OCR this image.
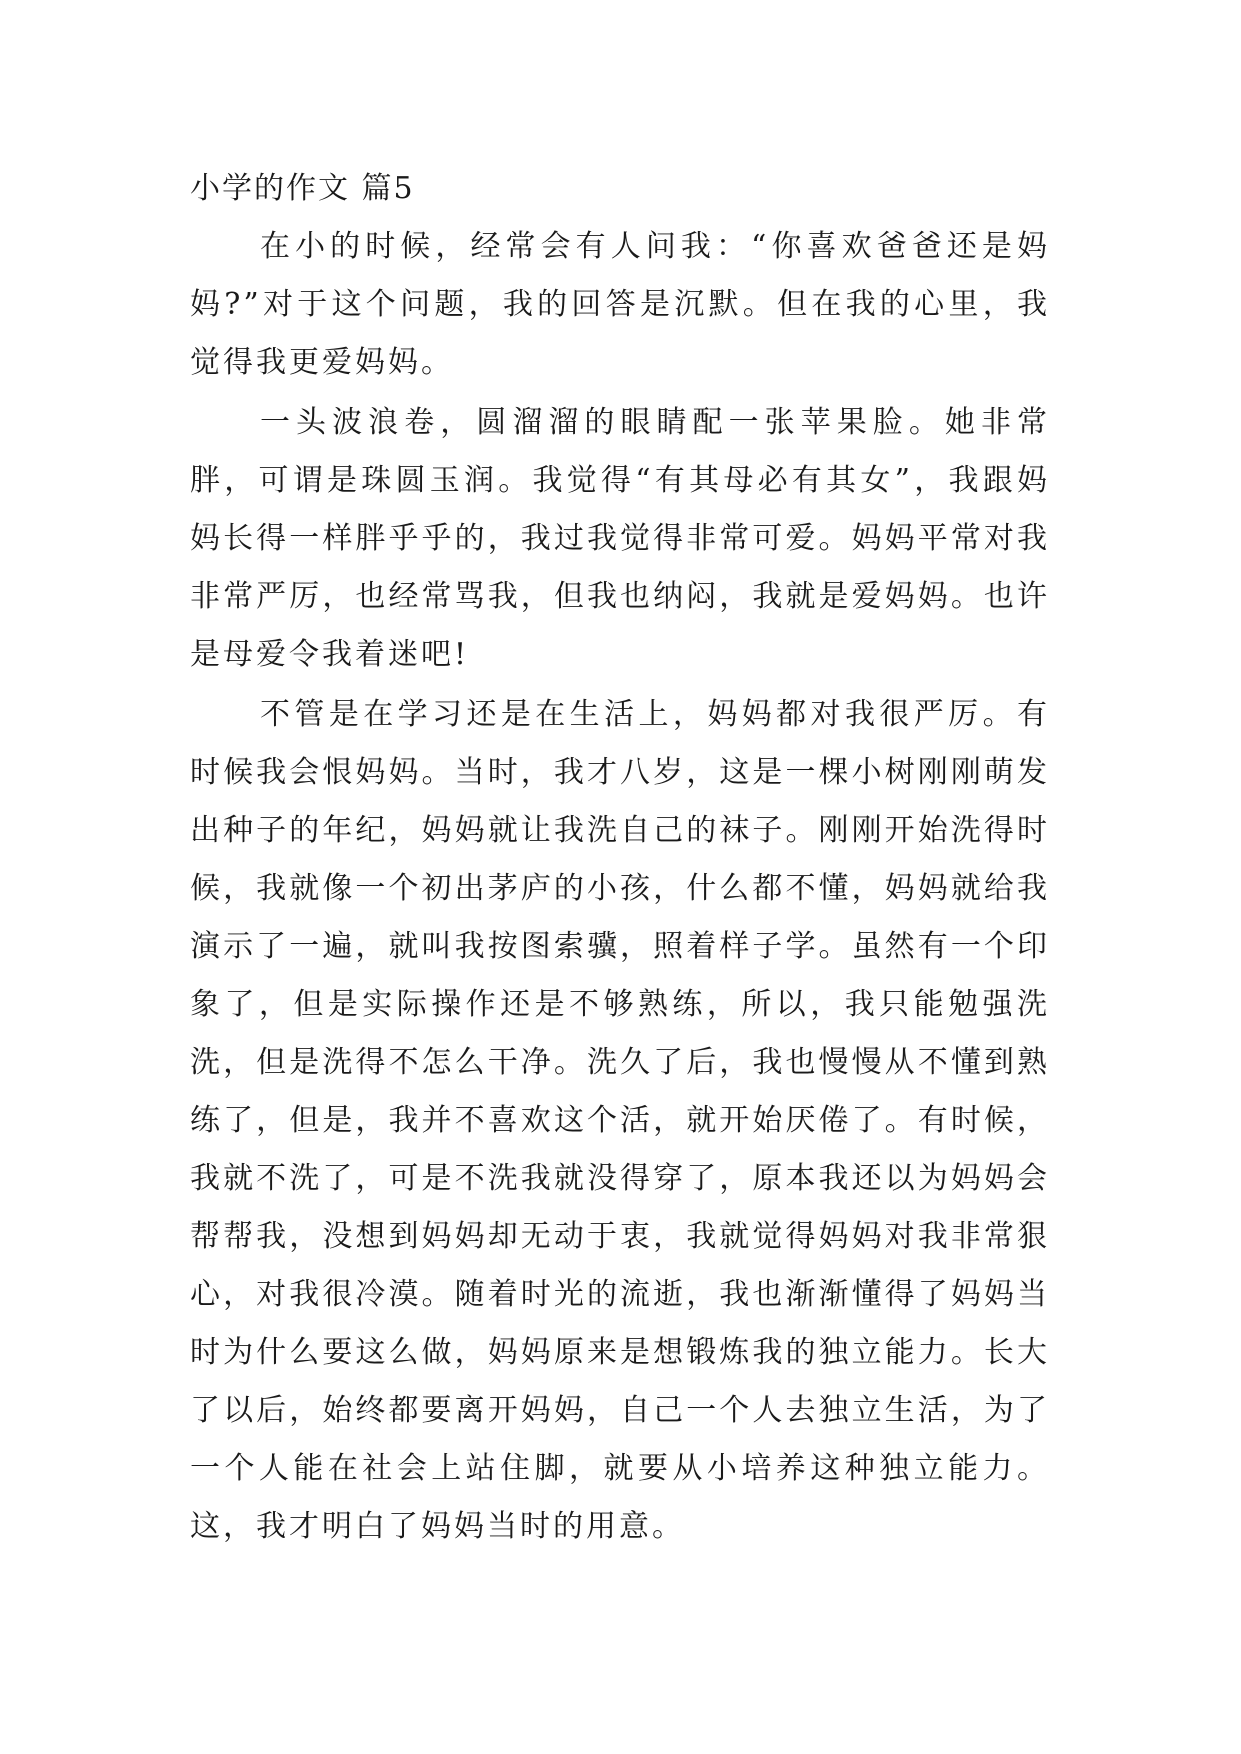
小学的作文 篇5

在小的时候，经常会有人问我：“你喜欢爸爸还是妈妈?”对于这个问题，我的回答是沉默。但在我的心里，我觉得我更爱妈妈。

一头波浪卷，圆溜溜的眼睛配一张苹果脸。她非常胖，可谓是珠圆玉润。我觉得“有其母必有其女”，我跟妈妈长得一样胖乎乎的，我过我觉得非常可爱。妈妈平常对我非常严厉，也经常骂我，但我也纳闷，我就是爱妈妈。也许是母爱令我着迷吧!

不管是在学习还是在生活上，妈妈都对我很严厉。有时候我会恨妈妈。当时，我才八岁，这是一棵小树刚刚萌发出种子的年纪，妈妈就让我洗自己的袜子。刚刚开始洗得时候，我就像一个初出茅庐的小孩，什么都不懂，妈妈就给我演示了一遍，就叫我按图索骥，照着样子学。虽然有一个印象了，但是实际操作还是不够熟练，所以，我只能勉强洗洗，但是洗得不怎么干净。洗久了后，我也慢慢从不懂到熟练了，但是，我并不喜欢这个活，就开始厌倦了。有时候，我就不洗了，可是不洗我就没得穿了，原本我还以为妈妈会帮帮我，没想到妈妈却无动于衷，我就觉得妈妈对我非常狠心，对我很冷漠。随着时光的流逝，我也渐渐懂得了妈妈当时为什么要这么做，妈妈原来是想锻炼我的独立能力。长大了以后，始终都要离开妈妈，自己一个人去独立生活，为了一个人能在社会上站住脚，就要从小培养这种独立能力。这，我才明白了妈妈当时的用意。
